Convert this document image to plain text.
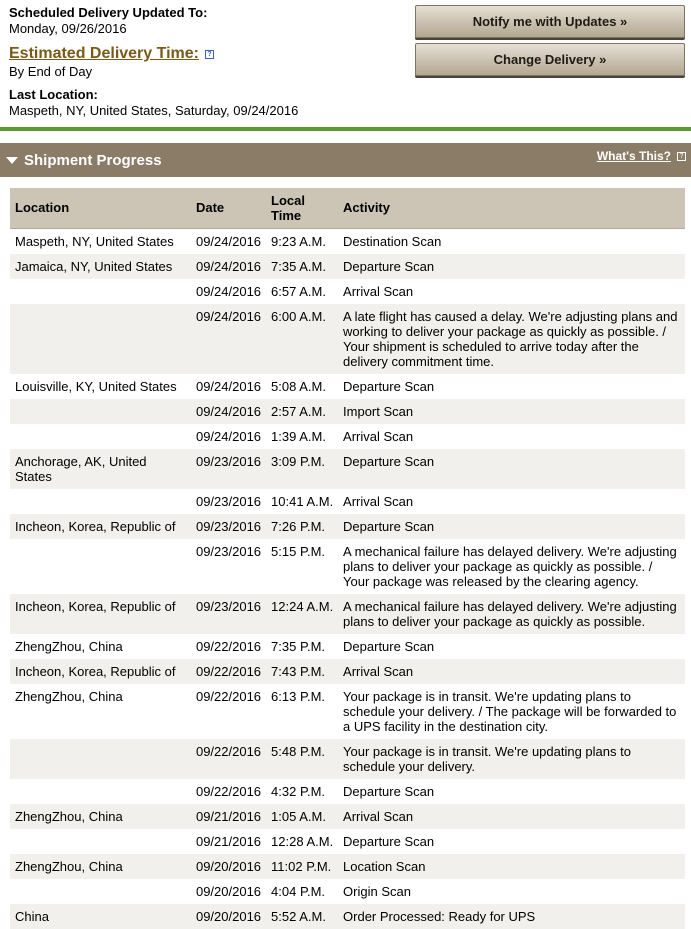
Scheduled Delivery Updated To:
Monday, 09/26/2016
Estimated Delivery Time: ?
By End of Day
Last Location:
Maspeth, NY, United States, Saturday, 09/24/2016
Notify me with Updates »
Change Delivery »
Shipment Progress	What's This?	?
Location	Date	Local Time	Activity
Maspeth, NY, United States	09/24/2016	9:23 A.M.	Destination Scan
Jamaica, NY, United States	09/24/2016	7:35 A.M.	Departure Scan
	09/24/2016	6:57 A.M.	Arrival Scan
	09/24/2016	6:00 A.M.	A late flight has caused a delay. We're adjusting plans and working to deliver your package as quickly as possible. / Your shipment is scheduled to arrive today after the delivery commitment time.
Louisville, KY, United States	09/24/2016	5:08 A.M.	Departure Scan
	09/24/2016	2:57 A.M.	Import Scan
	09/24/2016	1:39 A.M.	Arrival Scan
Anchorage, AK, United States	09/23/2016	3:09 P.M.	Departure Scan
	09/23/2016	10:41 A.M.	Arrival Scan
Incheon, Korea, Republic of	09/23/2016	7:26 P.M.	Departure Scan
	09/23/2016	5:15 P.M.	A mechanical failure has delayed delivery. We're adjusting plans to deliver your package as quickly as possible. / Your package was released by the clearing agency.
Incheon, Korea, Republic of	09/23/2016	12:24 A.M.	A mechanical failure has delayed delivery. We're adjusting plans to deliver your package as quickly as possible.
ZhengZhou, China	09/22/2016	7:35 P.M.	Departure Scan
Incheon, Korea, Republic of	09/22/2016	7:43 P.M.	Arrival Scan
ZhengZhou, China	09/22/2016	6:13 P.M.	Your package is in transit. We're updating plans to schedule your delivery. / The package will be forwarded to a UPS facility in the destination city.
	09/22/2016	5:48 P.M.	Your package is in transit. We're updating plans to schedule your delivery.
	09/22/2016	4:32 P.M.	Departure Scan
ZhengZhou, China	09/21/2016	1:05 A.M.	Arrival Scan
	09/21/2016	12:28 A.M.	Departure Scan
ZhengZhou, China	09/20/2016	11:02 P.M.	Location Scan
	09/20/2016	4:04 P.M.	Origin Scan
China	09/20/2016	5:52 A.M.	Order Processed: Ready for UPS
